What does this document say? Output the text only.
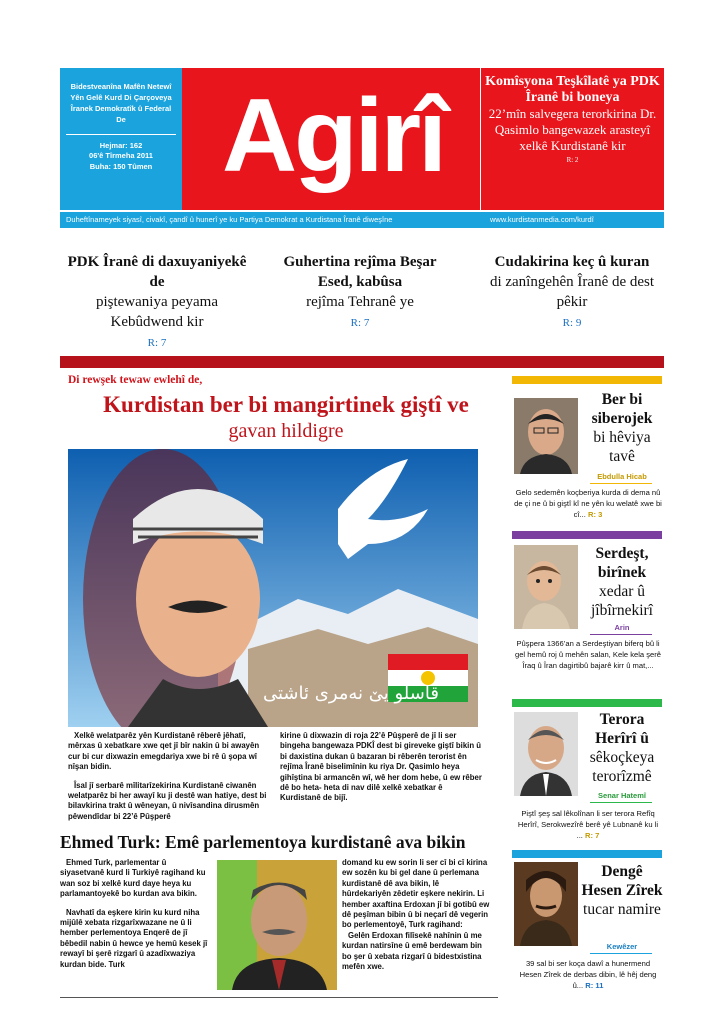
Bidestveanîna Mafên Netewî Yên Gelê Kurd Di Çarçoveya Îranek Demokratîk û Federal De
Hejmar: 162
06'ê Tîrmeha 2011
Buha: 150 Tûmen Agirî	Komîsyona Teşkîlatê ya PDK Îranê bi boneya
22’mîn salvegera terorkirina Dr. Qasimlo bangewazek arasteyî xelkê Kurdistanê kir
R: 2
Duheftînameyek siyasî, civakî, çandî û hunerî ye ku Partiya Demokrat a Kurdistana Îranê diweşîne	www.kurdistanmedia.com/kurdî
PDK Îranê di daxuyaniyekê de
piştewaniya peyama Kebûdwend kir
R: 7
Guhertina rejîma Beşar Esed, kabûsa
rejîma Tehranê ye
R: 7
Cudakirina keç û kuran
di zanîngehên Îranê de dest pêkir
R: 9
Di rewşek tewaw ewlehî de,
Kurdistan ber bi mangirtinek giştî ve
gavan hildigre
قاسلو یێ نەمری ئاشتی
Xelkê welatparêz yên Kurdistanê rêberê jêhatî, mêrxas û xebatkare xwe qet jî bîr nakin û bi awayên cur bi cur dixwazin emegdariya xwe bi rê û şopa wî nîşan bidin.
Îsal jî serbarê mîlitarîzekirina Kurdistanê ciwanên welatparêz bi her awayî ku ji destê wan hatiye, dest bi bilavkirina trakt û wêneyan, û nivîsandina dirusmên pêwendîdar bi 22’ê Pûşperê
kirine û dixwazin di roja 22’ê Pûşperê de jî li ser bingeha bangewaza PDKÎ dest bi gireveke giştî bikin û bi daxistina dukan û bazaran bi rêberên terorist ên rejîma Îranê biselimînin ku riya Dr. Qasimlo heya gihîştina bi armancên wî, wê her dom hebe, û ew rêber dê bo heta- heta di nav dilê xelkê xebatkar ê Kurdistanê de bijî.
Ehmed Turk: Emê parlementoya kurdistanê ava bikin
Ehmed Turk, parlementar û siyasetvanê kurd li Turkiyê ragihand ku wan soz bi xelkê kurd daye heya ku parlamantoyekê bo kurdan ava bikin.
Navhatî da eşkere kirin ku kurd niha mijûlê xebata rizgarîxwazane ne û li hember perlementoya Enqerê de jî bêbedil nabin û hewce ye hemû kesek jî rewayî bi şerê rizgarî û azadîxwaziya kurdan bide. Turk
domand ku ew sorin li ser cî bi cî kirina ew sozên ku bi gel dane û perlemana kurdistanê dê ava bikin, lê hûrdekariyên zêdetir eşkere nekirin. Li hember axaftina Erdoxan jî bi gotibû ew dê peşîman bibin û bi neçarî dê vegerin bo perlementoyê, Turk ragihand:
Gelên Erdoxan filîsekê nahînin û me kurdan natirsîne û emê berdewam bin bo şer û xebata rizgarî û bidestxistina mefên xwe.
Ber bi siberojek
bi hêviya tavê
Ebdulla Hicab
Gelo sedemên koçberiya kurda di dema nû de çi ne û bi giştî kî ne yên ku welatê xwe bi cî... R: 3
Serdeşt, birînek
xedar û jîbîrnekirî
Arin
Pûşpera 1366’an a Serdeştiyan biferq bû li gel hemû roj û mehên salan, Kele kela şerê Îraq û Îran dagirtibû bajarê kirr û mat,...
Terora Herîrî û
sêkoçkeya terorîzmê
Senar Hatemî
Piştî şeş sal lêkolînan li ser terora Refîq Herîrî, Serokwezîrê berê yê Lubnanê ku li ... R: 7
Dengê Hesen Zîrek
tucar namire
Kewêzer
39 sal bi ser koça dawî a hunermend Hesen Zîrek de derbas dibin, lê hêj deng û... R: 11
